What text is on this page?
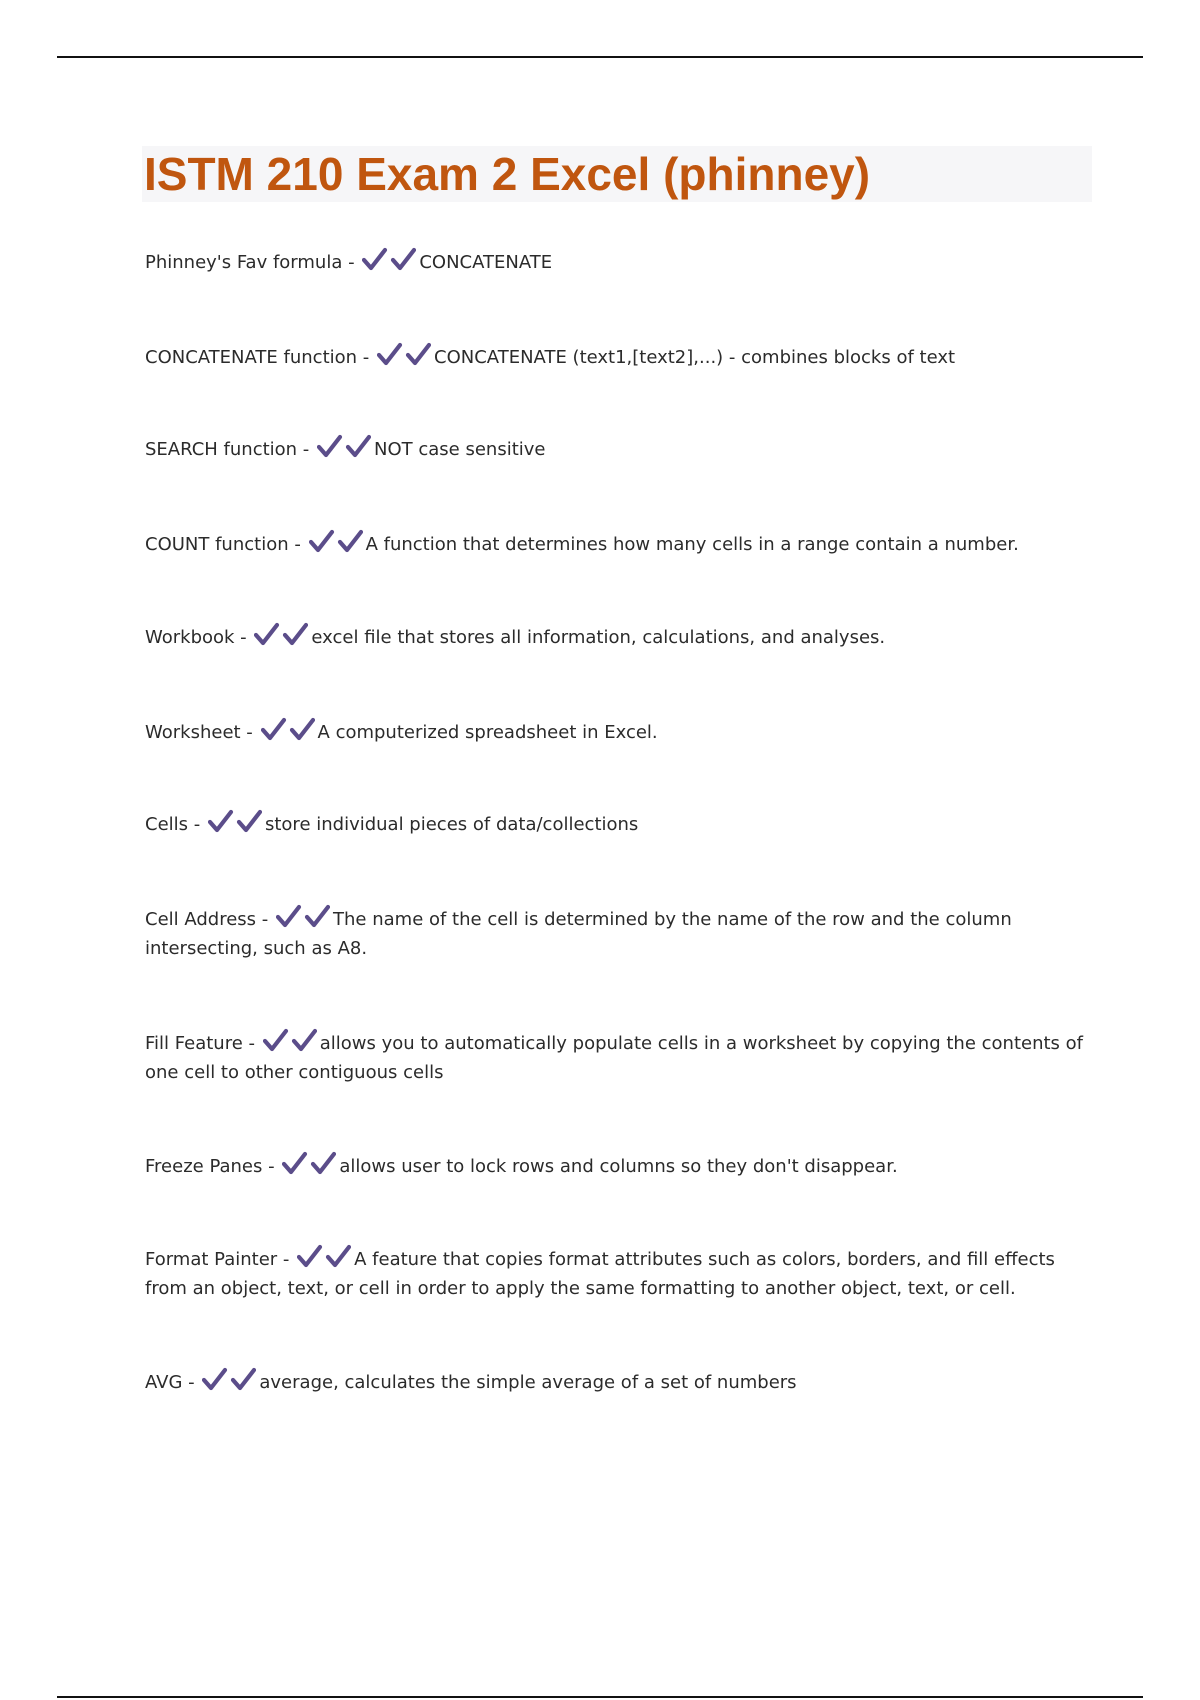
ISTM 210 Exam 2 Excel (phinney)
Phinney's Fav formula -	CONCATENATE
CONCATENATE function -	CONCATENATE (text1,[text2],...) - combines blocks of text
SEARCH function -	NOT case sensitive
COUNT function -	A function that determines how many cells in a range contain a number.
Workbook -	excel file that stores all information, calculations, and analyses.
Worksheet -	A computerized spreadsheet in Excel.
Cells -	store individual pieces of data/collections
Cell Address -	The name of the cell is determined by the name of the row and the column intersecting, such as A8.
Fill Feature -	allows you to automatically populate cells in a worksheet by copying the contents of one cell to other contiguous cells
Freeze Panes -	allows user to lock rows and columns so they don't disappear.
Format Painter -	A feature that copies format attributes such as colors, borders, and fill effects from an object, text, or cell in order to apply the same formatting to another object, text, or cell.
AVG -	average, calculates the simple average of a set of numbers
